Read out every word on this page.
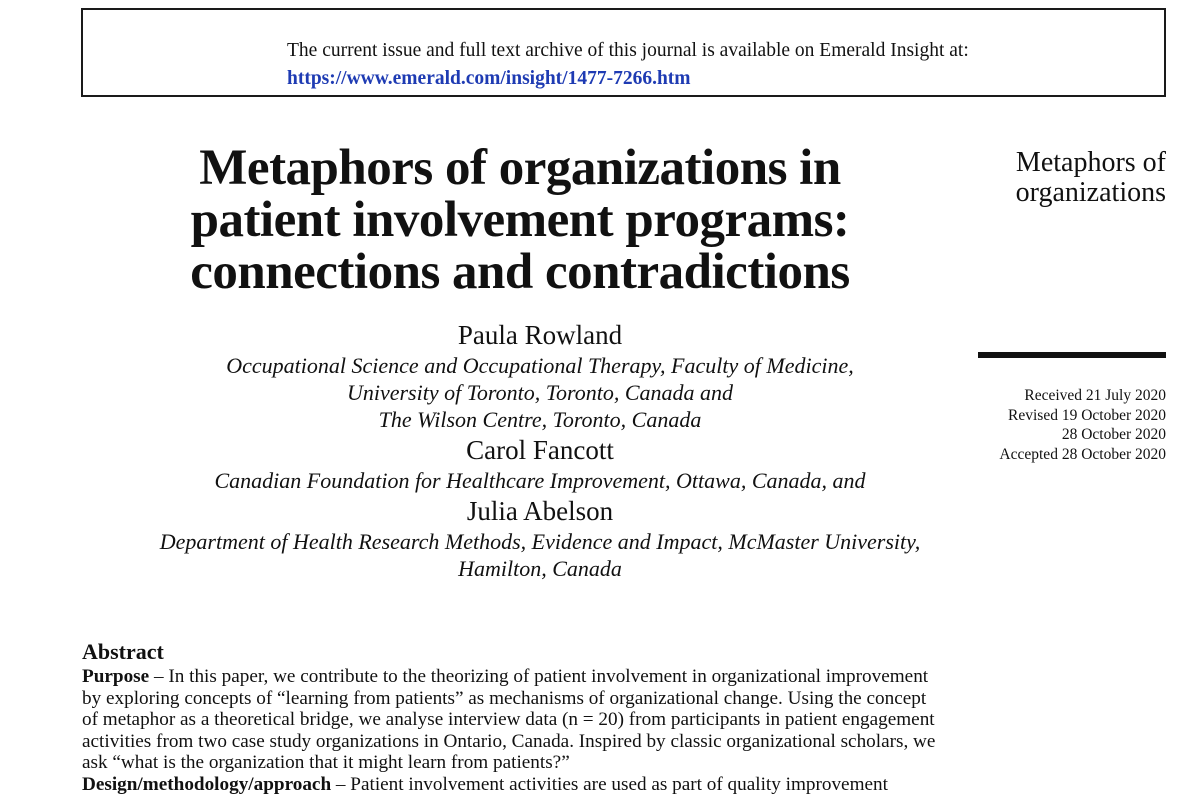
The current issue and full text archive of this journal is available on Emerald Insight at:
https://www.emerald.com/insight/1477-7266.htm
Metaphors of organizations in
patient involvement programs:
connections and contradictions
Metaphors of
organizations
Received 21 July 2020
Revised 19 October 2020
28 October 2020
Accepted 28 October 2020
Paula Rowland
Occupational Science and Occupational Therapy, Faculty of Medicine,
University of Toronto, Toronto, Canada and
The Wilson Centre, Toronto, Canada
Carol Fancott
Canadian Foundation for Healthcare Improvement, Ottawa, Canada, and
Julia Abelson
Department of Health Research Methods, Evidence and Impact, McMaster University,
Hamilton, Canada
Abstract
Purpose – In this paper, we contribute to the theorizing of patient involvement in organizational improvement
by exploring concepts of “learning from patients” as mechanisms of organizational change. Using the concept
of metaphor as a theoretical bridge, we analyse interview data (n = 20) from participants in patient engagement
activities from two case study organizations in Ontario, Canada. Inspired by classic organizational scholars, we
ask “what is the organization that it might learn from patients?”
Design/methodology/approach – Patient involvement activities are used as part of quality improvement
